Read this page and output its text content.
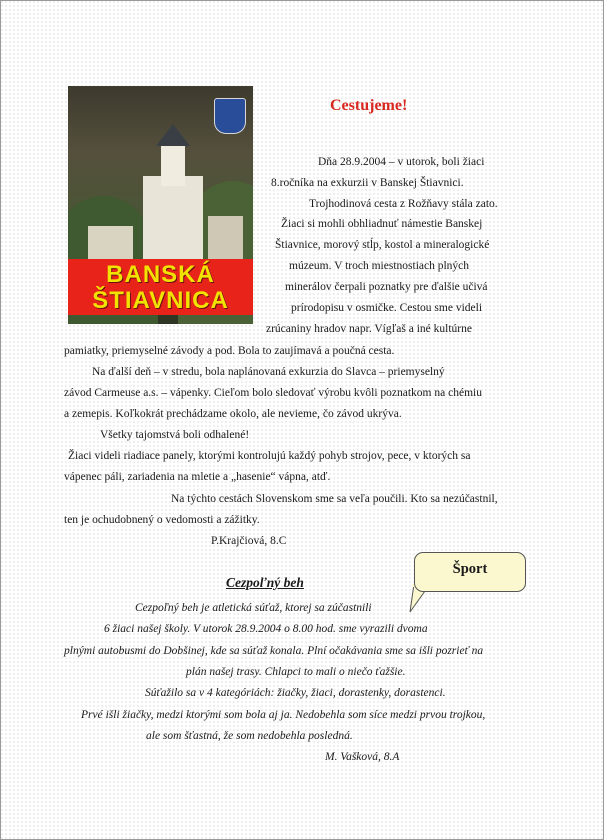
BANSKÁ
ŠTIAVNICA
Cestujeme!
Dňa 28.9.2004 – v utorok, boli žiaci
8.ročníka na exkurzii v Banskej Štiavnici.
Trojhodinová cesta z Rožňavy stála zato.
Žiaci si mohli obhliadnuť námestie Banskej
Štiavnice, morový stĺp, kostol a mineralogické
múzeum. V troch miestnostiach plných
minerálov čerpali poznatky pre ďalšie učivá
prírodopisu v osmičke. Cestou sme videli
zrúcaniny hradov napr. Vígľaš a iné kultúrne
pamiatky, priemyselné závody a pod. Bola to zaujímavá a poučná cesta.
Na ďalší deň – v stredu, bola naplánovaná exkurzia do Slavca – priemyselný
závod Carmeuse a.s. – vápenky. Cieľom bolo sledovať výrobu kvôli poznatkom na chémiu
a zemepis. Koľkokrát prechádzame okolo, ale nevieme, čo závod ukrýva.
Všetky tajomstvá boli odhalené!
Žiaci videli riadiace panely, ktorými kontrolujú každý pohyb strojov, pece, v ktorých sa
vápenec páli, zariadenia na mletie a „hasenie“ vápna, atď.
Na týchto cestách Slovenskom sme sa veľa poučili. Kto sa nezúčastnil,
ten je ochudobnený o vedomosti a zážitky.
P.Krajčiová, 8.C
Šport
Cezpoľný beh
Cezpoľný beh je atletická súťaž, ktorej sa zúčastnili
6 žiaci našej školy. V utorok 28.9.2004 o 8.00 hod. sme vyrazili dvoma
plnými autobusmi do Dobšinej, kde sa súťaž konala. Plní očakávania sme sa išli pozrieť na
plán našej trasy. Chlapci to mali o niečo ťažšie.
Súťažilo sa v 4 kategóriách: žiačky, žiaci, dorastenky, dorastenci.
Prvé išli žiačky, medzi ktorými som bola aj ja. Nedobehla som síce medzi prvou trojkou,
ale som šťastná, že som nedobehla posledná.
M. Vašková, 8.A
